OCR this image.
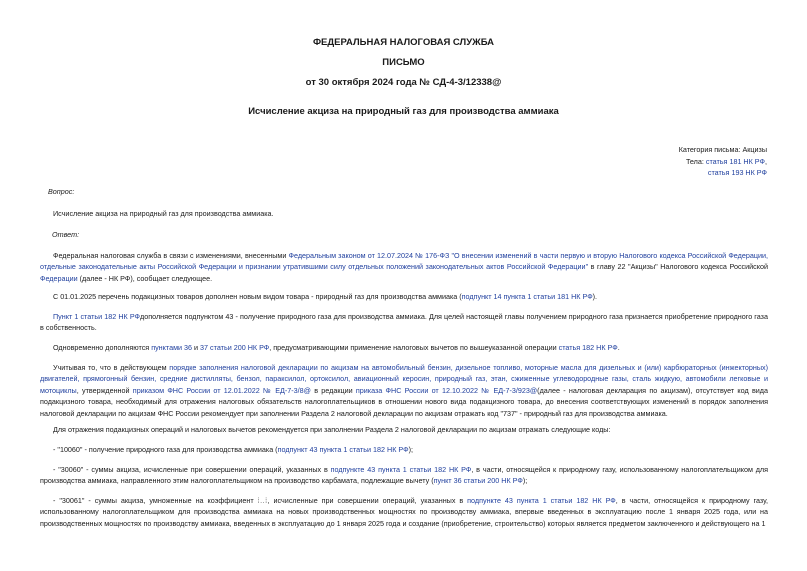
ФЕДЕРАЛЬНАЯ НАЛОГОВАЯ СЛУЖБА
ПИСЬМО
от 30 октября 2024 года № СД-4-3/12338@
Исчисление акциза на природный газ для производства аммиака
Категория письма: Акцизы
Тела: статья 181 НК РФ,
статья 193 НК РФ
Вопрос:
Исчисление акциза на природный газ для производства аммиака.
Ответ:
Федеральная налоговая служба в связи с изменениями, внесенными Федеральным законом от 12.07.2024 № 176-ФЗ "О внесении изменений в части первую и вторую Налогового кодекса Российской Федерации, отдельные законодательные акты Российской Федерации и признании утратившими силу отдельных положений законодательных актов Российской Федерации" в главу 22 "Акцизы" Налогового кодекса Российской Федерации (далее - НК РФ), сообщает следующее.
С 01.01.2025 перечень подакцизных товаров дополнен новым видом товара - природный газ для производства аммиака (подпункт 14 пункта 1 статьи 181 НК РФ).
Пункт 1 статьи 182 НК РФдополняется подпунктом 43 - получение природного газа для производства аммиака. Для целей настоящей главы получением природного газа признается приобретение природного газа в собственность.
Одновременно дополняются пунктами 36 и 37 статьи 200 НК РФ, предусматривающими применение налоговых вычетов по вышеуказанной операции статья 182 НК РФ.
Учитывая то, что в действующем порядке заполнения налоговой декларации по акцизам на автомобильный бензин, дизельное топливо, моторные масла для дизельных и (или) карбюраторных (инжекторных) двигателей, прямогонный бензин, средние дистилляты, бензол, параксилол, ортоксилол, авиационный керосин, природный газ, этан, сжиженные углеводородные газы, сталь жидкую, автомобили легковые и мотоциклы, утвержденной приказом ФНС России от 12.01.2022 № ЕД-7-3/8@ в редакции приказа ФНС России от 12.10.2022 № ЕД-7-3/923@(далее - налоговая декларация по акцизам), отсутствует код вида подакцизного товара, необходимый для отражения налоговых обязательств налогоплательщиков в отношении нового вида подакцизного товара, до внесения соответствующих изменений в порядок заполнения налоговой декларации по акцизам ФНС России рекомендует при заполнении Раздела 2 налоговой декларации по акцизам отражать код "737" - природный газ для производства аммиака.
Для отражения подакцизных операций и налоговых вычетов рекомендуется при заполнении Раздела 2 налоговой декларации по акцизам отражать следующие коды:
- "10060" - получение природного газа для производства аммиака (подпункт 43 пункта 1 статьи 182 НК РФ);
- "30060" - суммы акциза, исчисленные при совершении операций, указанных в подпункте 43 пункта 1 статьи 182 НК РФ, в части, относящейся к природному газу, использованному налогоплательщиком для производства аммиака, направленного этим налогоплательщиком на производство карбамата, подлежащие вычету (пункт 36 статьи 200 НК РФ);
- "30061" - суммы акциза, умноженные на коэффициент ⁞..⁞, исчисленные при совершении операций, указанных в подпункте 43 пункта 1 статьи 182 НК РФ, в части, относящейся к природному газу, использованному налогоплательщиком для производства аммиака на новых производственных мощностях по производству аммиака, впервые введенных в эксплуатацию после 1 января 2025 года, или на производственных мощностях по производству аммиака, введенных в эксплуатацию до 1 января 2025 года и создание (приобретение, строительство) которых является предметом заключенного и действующего на 1
